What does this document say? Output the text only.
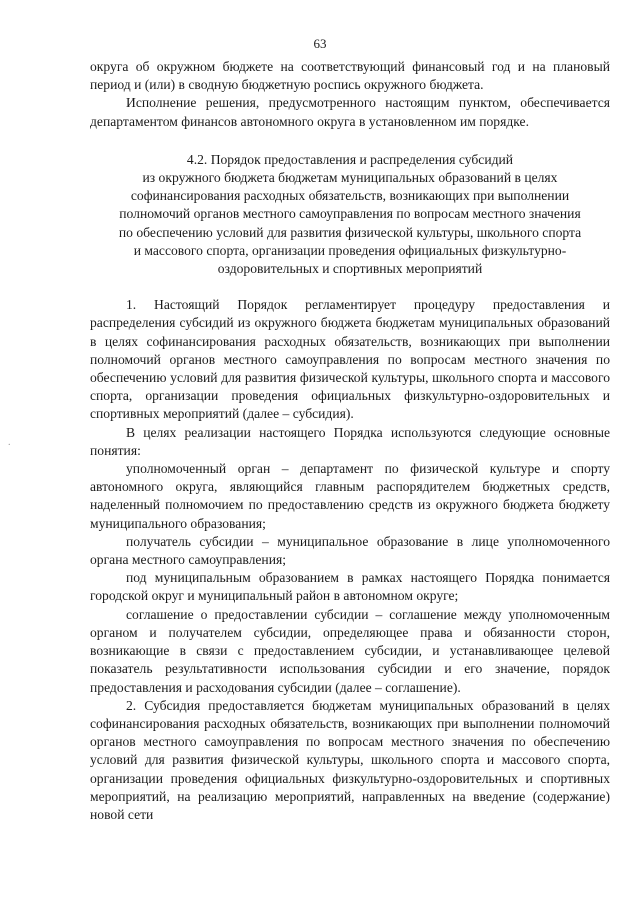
63
.

округа об окружном бюджете на соответствующий финансовый год и на плановый период и (или) в сводную бюджетную роспись окружного бюджета.

Исполнение решения, предусмотренного настоящим пунктом, обеспечивается департаментом финансов автономного округа в установленном им порядке.

4.2. Порядок предоставления и распределения субсидий

из окружного бюджета бюджетам муниципальных образований в целях

софинансирования расходных обязательств, возникающих при выполнении

полномочий органов местного самоуправления по вопросам местного значения

по обеспечению условий для развития физической культуры, школьного спорта

и массового спорта, организации проведения официальных физкультурно-

оздоровительных и спортивных мероприятий

1. Настоящий Порядок регламентирует процедуру предоставления и распределения субсидий из окружного бюджета бюджетам муниципальных образований в целях софинансирования расходных обязательств, возникающих при выполнении полномочий органов местного самоуправления по вопросам местного значения по обеспечению условий для развития физической культуры, школьного спорта и массового спорта, организации проведения официальных физкультурно-оздоровительных и спортивных мероприятий (далее – субсидия).

В целях реализации настоящего Порядка используются следующие основные понятия:

уполномоченный орган – департамент по физической культуре и спорту автономного округа, являющийся главным распорядителем бюджетных средств, наделенный полномочием по предоставлению средств из окружного бюджета бюджету муниципального образования;

получатель субсидии – муниципальное образование в лице уполномоченного органа местного самоуправления;

под муниципальным образованием в рамках настоящего Порядка понимается городской округ и муниципальный район в автономном округе;

соглашение о предоставлении субсидии – соглашение между уполномоченным органом и получателем субсидии, определяющее права и обязанности сторон, возникающие в связи с предоставлением субсидии, и устанавливающее целевой показатель результативности использования субсидии и его значение, порядок предоставления и расходования субсидии (далее – соглашение).

2. Субсидия предоставляется бюджетам муниципальных образований в целях софинансирования расходных обязательств, возникающих при выполнении полномочий органов местного самоуправления по вопросам местного значения по обеспечению условий для развития физической культуры, школьного спорта и массового спорта, организации проведения официальных физкультурно-оздоровительных и спортивных мероприятий, на реализацию мероприятий, направленных на введение (содержание) новой сети
